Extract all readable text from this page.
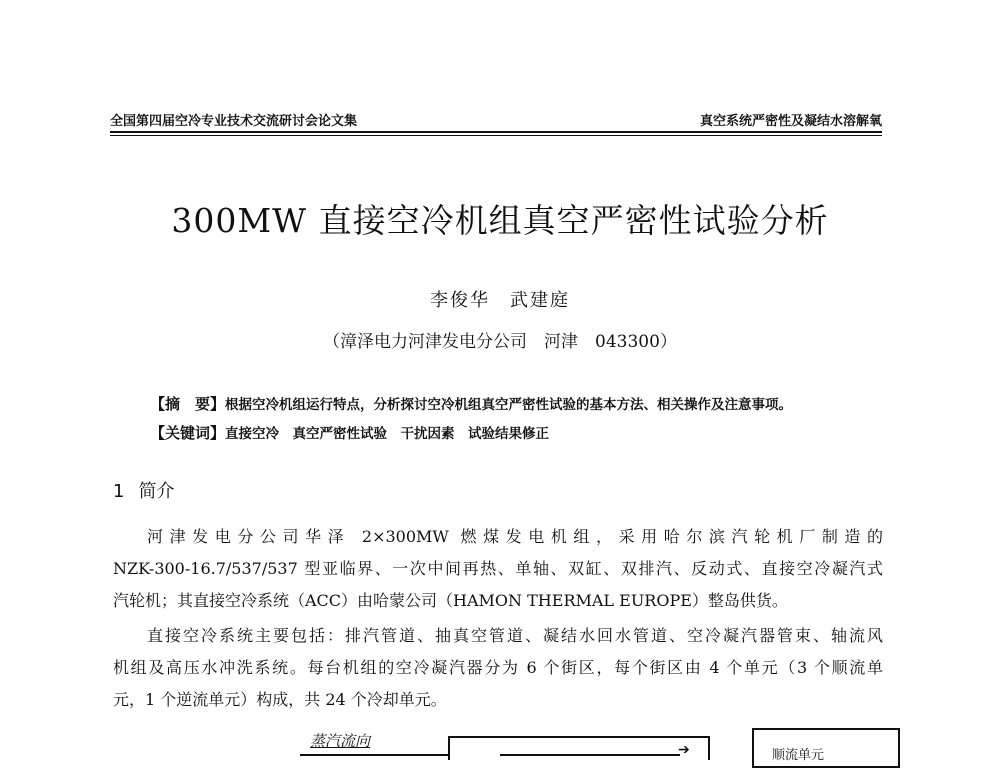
全国第四届空冷专业技术交流研讨会论文集	真空系统严密性及凝结水溶解氧
300MW 直接空冷机组真空严密性试验分析
李俊华　武建庭
（漳泽电力河津发电分公司　河津　043300）
【摘　要】根据空冷机组运行特点，分析探讨空冷机组真空严密性试验的基本方法、相关操作及注意事项。
【关键词】直接空冷　真空严密性试验　干扰因素　试验结果修正
1 简介
河津发电分公司华泽 2×300MW 燃煤发电机组，采用哈尔滨汽轮机厂制造的
NZK-300-16.7/537/537 型亚临界、一次中间再热、单轴、双缸、双排汽、反动式、直接空冷凝汽式
汽轮机；其直接空冷系统（ACC）由哈蒙公司（HAMON THERMAL EUROPE）整岛供货。
直接空冷系统主要包括：排汽管道、抽真空管道、凝结水回水管道、空冷凝汽器管束、轴流风
机组及高压水冲洗系统。每台机组的空冷凝汽器分为 6 个街区，每个街区由 4 个单元（3 个顺流单
元，1 个逆流单元）构成，共 24 个冷却单元。
蒸汽流向	➔	顺流单元
